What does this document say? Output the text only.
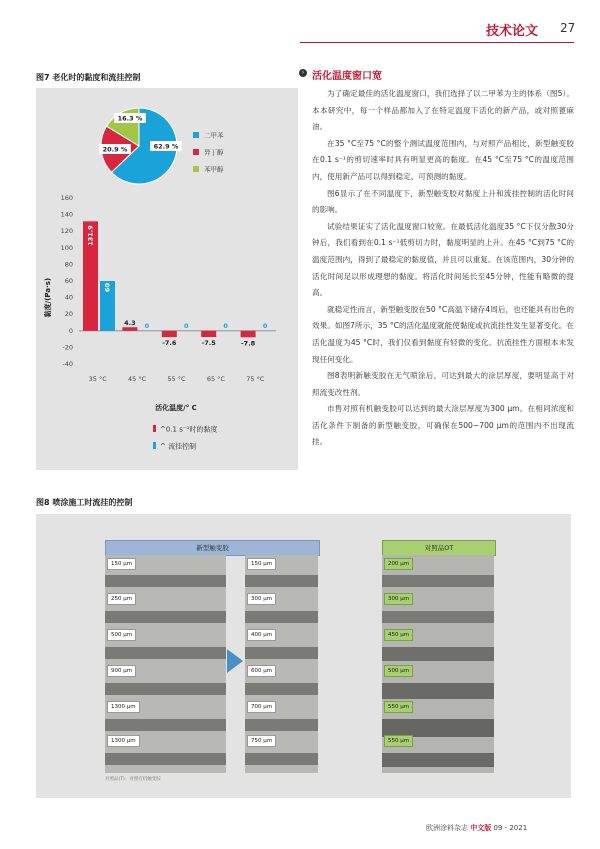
技术论文 27
图7 老化时的黏度和流挂控制
62.9 %
20.9 %
16.3 %
二甲苯
异丁醇
苯甲醇
-40
-20
0
20
40
60
80
100
120
140
160
131.9
60
35 °C
4.3 0
45 °C
-7.6
0
55 °C
-7.5
0
65 °C
-7.8
0
75 °C
黏度/(Pa·s)
活化温度/° C
^0.1 s⁻¹时的黏度
^ 流挂控制
› 活化温度窗口宽

为了确定最佳的活化温度窗口，我们选择了以二甲苯为主的体系（图5）。本本研究中，每一个样品都加入了在特定温度下活化的新产品，或对照蓖麻油。

在35 °C至75 °C的整个测试温度范围内，与对照产品相比，新型触变胶在0.1 s⁻¹的剪切速率时具有明显更高的黏度。在45 °C至75 °C的温度范围内，使用新产品可以得到稳定、可预测的黏度。

图6显示了在不同温度下，新型触变胶对黏度上升和流挂控制的活化时间的影响。

试验结果证实了活化温度窗口较宽。在最低活化温度35 °C下仅分散30分钟后，我们看到在0.1 s⁻¹低剪切力时，黏度明显的上升。在45 °C到75 °C的温度范围内，得到了最稳定的黏度值，并且可以重复。在该范围内，30分钟的活化时间足以形成理想的黏度。将活化时间延长至45分钟，性能有略微的提高。

就稳定性而言，新型触变胶在50 °C高温下储存4周后，也还能具有出色的效果。如图7所示，35 °C的活化温度就能使黏度或抗流挂性发生显著变化。在活化温度为45 °C时，我们仅看到黏度有轻微的变化。抗流挂性方面根本未发现任何变化。

图8表明新触变胶在无气喷涂后，可达到最大的涂层厚度，要明显高于对照流变改性剂。

市售对照有机触变胶可以达到的最大涂层厚度为300 μm。在相同浓度和活化条件下制备的新型触变胶，可确保在500~700 μm的范围内不出现流挂。

图8 喷涂施工时流挂的控制
新型触变胶	对照品OT
150 μm
250 μm
500 μm
900 μm
1300 μm
1300 μm
150 μm
300 μm
400 μm
600 μm
700 μm
750 μm
200 μm
300 μm
450 μm
500 μm
550 μm
550 μm
对照品(T)：对照有机触变胶
欧洲涂料杂志 中文版 09 - 2021
